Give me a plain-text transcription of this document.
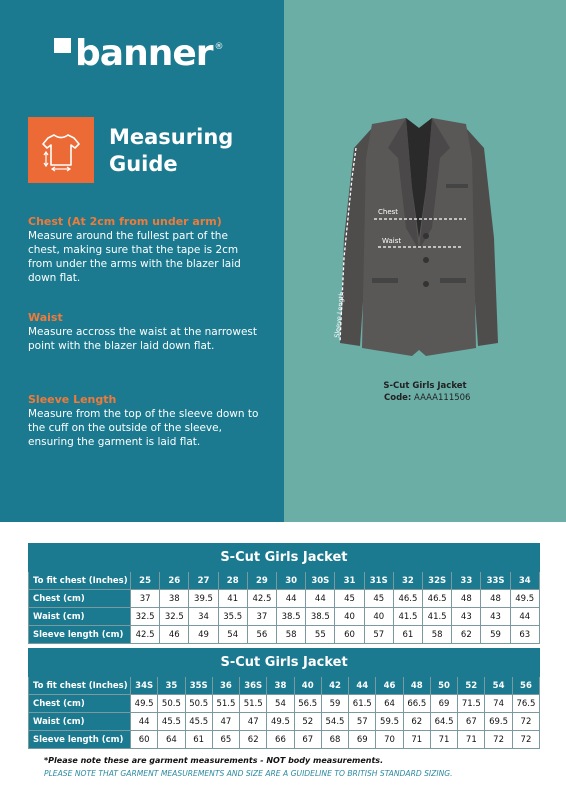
banner ®
Measuring
Guide
Chest (At 2cm from under arm)

Measure around the fullest part of the chest, making sure that the tape is 2cm from under the arms with the blazer laid down flat.

Waist

Measure accross the waist at the narrowest point with the blazer laid down flat.

Sleeve Length

Measure from the top of the sleeve down to the cuff on the outside of the sleeve, ensuring the garment is laid flat.

Chest
Waist
Sleeve Length
S-Cut Girls Jacket
Code: AAAA111506
S-Cut Girls Jacket														
To fit chest (Inches)	25	26	27	28	29	30	30S	31	31S	32	32S	33	33S	34
Chest (cm)	37	38	39.5	41	42.5	44	44	45	45	46.5	46.5	48	48	49.5
Waist (cm)	32.5	32.5	34	35.5	37	38.5	38.5	40	40	41.5	41.5	43	43	44
Sleeve length (cm)	42.5	46	49	54	56	58	55	60	57	61	58	62	59	63
S-Cut Girls Jacket															
To fit chest (Inches)	34S	35	35S	36	36S	38	40	42	44	46	48	50	52	54	56
Chest (cm)	49.5	50.5	50.5	51.5	51.5	54	56.5	59	61.5	64	66.5	69	71.5	74	76.5
Waist (cm)	44	45.5	45.5	47	47	49.5	52	54.5	57	59.5	62	64.5	67	69.5	72
Sleeve length (cm)	60	64	61	65	62	66	67	68	69	70	71	71	71	72	72
*Please note these are garment measurements - NOT body measurements.
PLEASE NOTE THAT GARMENT MEASUREMENTS AND SIZE ARE A GUIDELINE TO BRITISH STANDARD SIZING.
